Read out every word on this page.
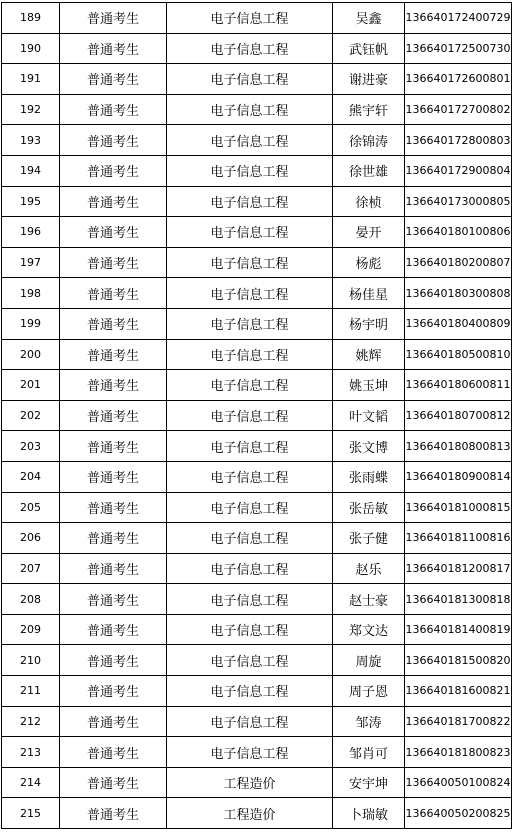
189	普通考生	电子信息工程	吴鑫	136640172400729
190	普通考生	电子信息工程	武钰帆	136640172500730
191	普通考生	电子信息工程	谢进豪	136640172600801
192	普通考生	电子信息工程	熊宇轩	136640172700802
193	普通考生	电子信息工程	徐锦涛	136640172800803
194	普通考生	电子信息工程	徐世雄	136640172900804
195	普通考生	电子信息工程	徐桢	136640173000805
196	普通考生	电子信息工程	晏开	136640180100806
197	普通考生	电子信息工程	杨彪	136640180200807
198	普通考生	电子信息工程	杨佳星	136640180300808
199	普通考生	电子信息工程	杨宇明	136640180400809
200	普通考生	电子信息工程	姚辉	136640180500810
201	普通考生	电子信息工程	姚玉坤	136640180600811
202	普通考生	电子信息工程	叶文韬	136640180700812
203	普通考生	电子信息工程	张文博	136640180800813
204	普通考生	电子信息工程	张雨蝶	136640180900814
205	普通考生	电子信息工程	张岳敏	136640181000815
206	普通考生	电子信息工程	张子健	136640181100816
207	普通考生	电子信息工程	赵乐	136640181200817
208	普通考生	电子信息工程	赵士豪	136640181300818
209	普通考生	电子信息工程	郑文达	136640181400819
210	普通考生	电子信息工程	周旋	136640181500820
211	普通考生	电子信息工程	周子恩	136640181600821
212	普通考生	电子信息工程	邹涛	136640181700822
213	普通考生	电子信息工程	邹肖可	136640181800823
214	普通考生	工程造价	安宇坤	136640050100824
215	普通考生	工程造价	卜瑞敏	136640050200825
